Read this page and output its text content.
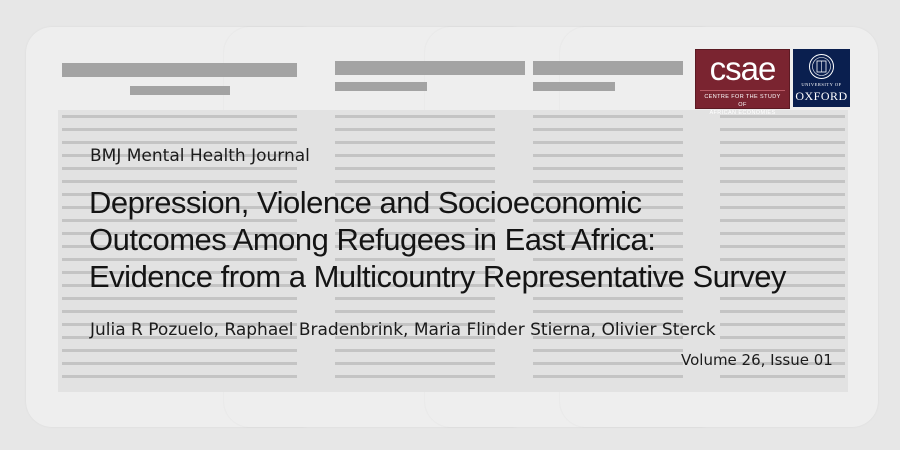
csae
CENTRE FOR THE STUDY OF
AFRICAN ECONOMIES
UNIVERSITY OF
OXFORD
BMJ Mental Health Journal
Depression, Violence and Socioeconomic
Outcomes Among Refugees in East Africa:
Evidence from a Multicountry Representative Survey
Julia R Pozuelo, Raphael Bradenbrink, Maria Flinder Stierna, Olivier Sterck
Volume 26, Issue 01
